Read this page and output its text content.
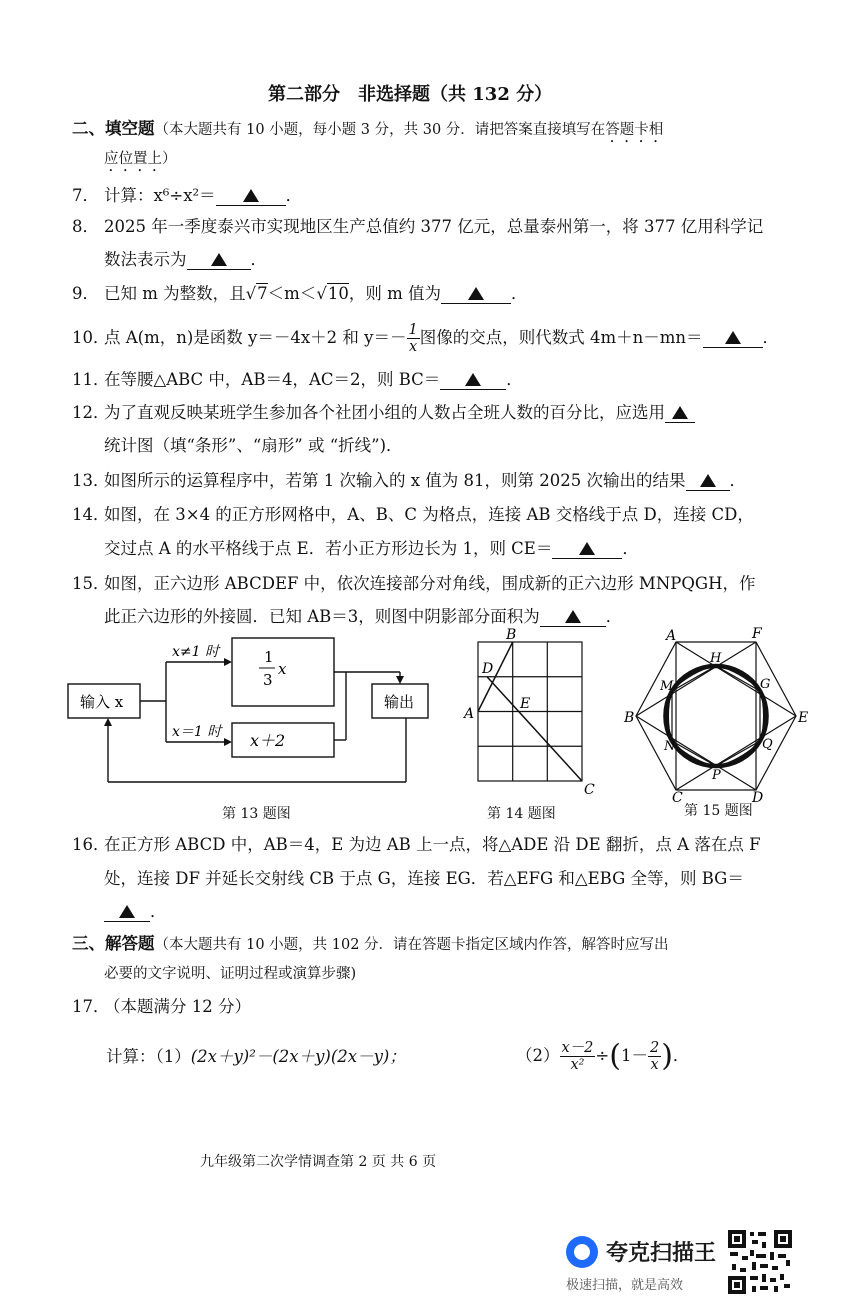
第二部分　非选择题（共 132 分）
二、填空题（本大题共有 10 小题，每小题 3 分，共 30 分．请把答案直接填写在答题卡相
应位置上）
7． 计算：x⁶÷x²＝	．
8． 2025 年一季度泰兴市实现地区生产总值约 377 亿元，总量泰州第一，将 377 亿用科学记
数法表示为	．
9． 已知 m 为整数，且√7＜m＜√10，则 m 值为	．
10．点 A(m，n)是函数 y＝－4x＋2 和 $y=- \frac{1}{x}$ 图像的交点，则代数式 4m＋n－mn＝	．
11．在等腰△ABC 中，AB＝4，AC＝2，则 BC＝	．
12．为了直观反映某班学生参加各个社团小组的人数占全班人数的百分比，应选用
统计图（填“条形”、“扇形” 或 “折线”)．
13．如图所示的运算程序中，若第 1 次输入的 x 值为 81，则第 2025 次输出的结果	．
14．如图，在 3×4 的正方形网格中，A、B、C 为格点，连接 AB 交格线于点 D，连接 CD，
交过点 A 的水平格线于点 E．若小正方形边长为 1，则 CE＝	．
15．如图，正六边形 ABCDEF 中，依次连接部分对角线，围成新的正六边形 MNPQGH，作
此正六边形的外接圆．已知 AB＝3，则图中阴影部分面积为	．
输入 x
x≠1 时
x＝1 时
1
3
x
x＋2
输出
第 13 题图
B
D
A
E
C
第 14 题图
A	F
H
M	G
B	E
N	Q
P
C	D
第 15 题图
16．在正方形 ABCD 中，AB＝4，E 为边 AB 上一点，将△ADE 沿 DE 翻折，点 A 落在点 F
处，连接 DF 并延长交射线 CB 于点 G，连接 EG．若△EFG 和△EBG 全等，则 BG＝
．
三、解答题（本大题共有 10 小题，共 102 分．请在答题卡指定区域内作答，解答时应写出
必要的文字说明、证明过程或演算步骤)
17．（本题满分 12 分）
计算：（1）(2x＋y)²－(2x＋y)(2x－y)；	$(2) \frac{x-2}{\text{x²}} \div(1- \frac{2}{x}$ )．
九年级第二次学情调查第 2 页 共 6 页
夸克扫描王
极速扫描，就是高效
